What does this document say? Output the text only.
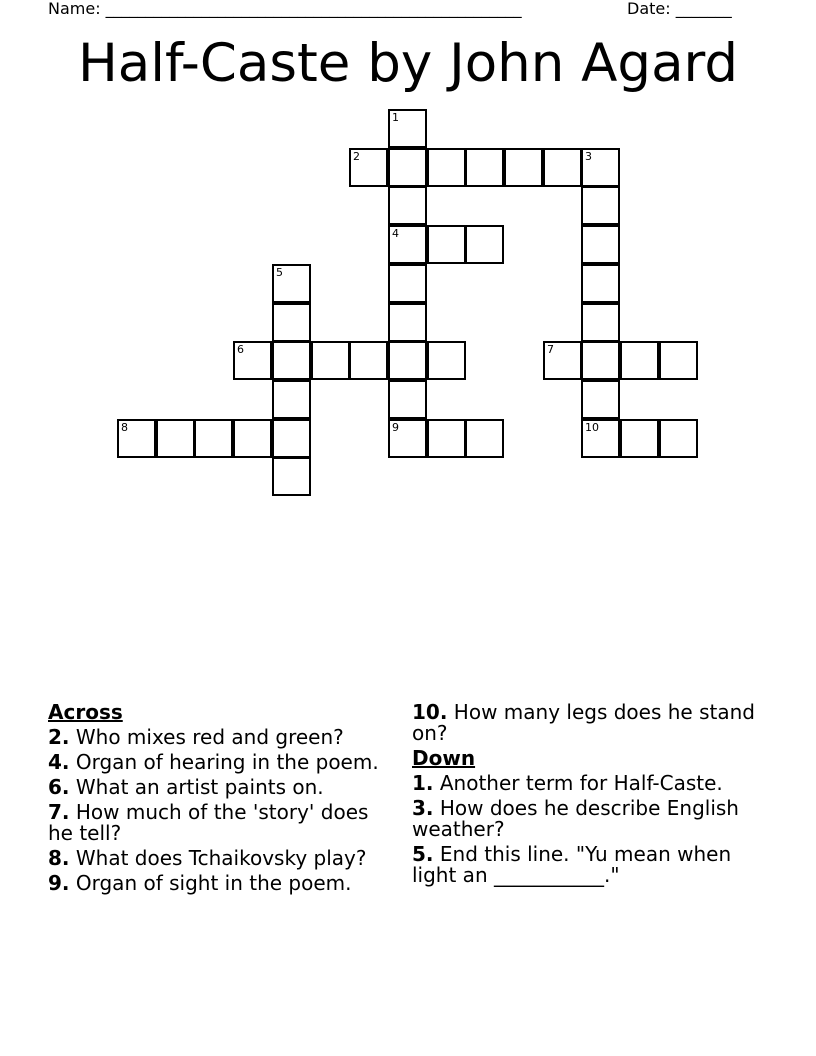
Name: ____________________________________________________	Date: _______
Half-Caste by John Agard
1
2	3
4
5
6	7
8	9	10
Across
2. Who mixes red and green?
4. Organ of hearing in the poem.
6. What an artist paints on.
7. How much of the 'story' does he tell?
8. What does Tchaikovsky play?
9. Organ of sight in the poem.
10. How many legs does he stand on?
Down
1. Another term for Half-Caste.
3. How does he describe English weather?
5. End this line. "Yu mean when light an ___________."
